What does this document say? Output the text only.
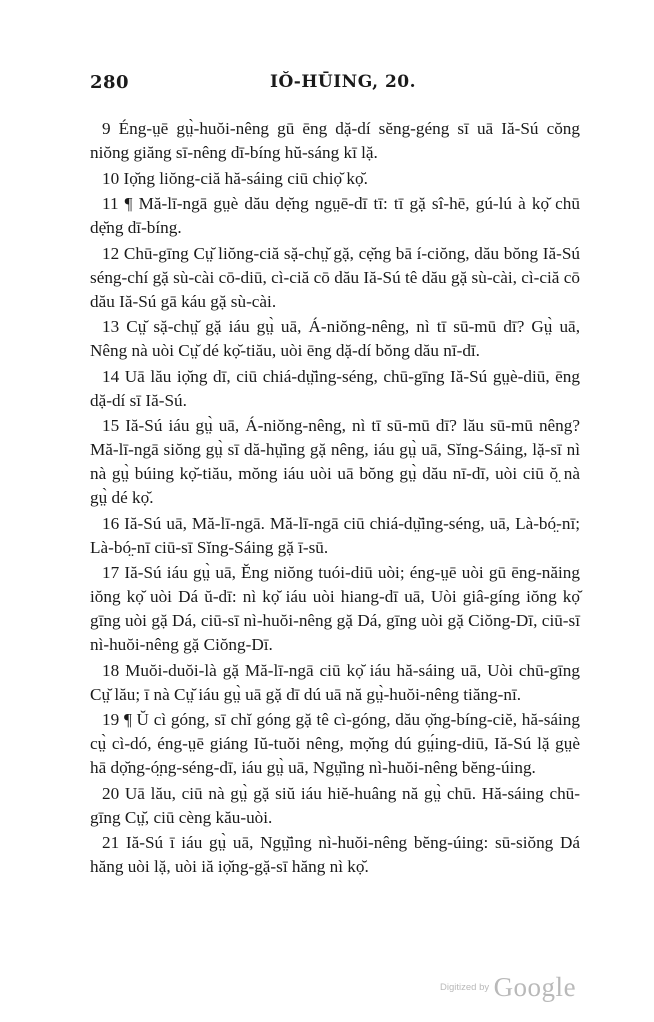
280	IŎ-HŪING, 20.

9 Éng-ṳē gṳ̀-huŏi-nêng gū ēng dặ-dí sĕng-géng sī uā Iă-Sú cŏng niŏng giăng sī-nêng dī-bíng hŭ-sáng kī lặ.

10 Iọ̆ng liŏng-ciă hă-sáing ciū chiọ̆ kọ̆.

11 ¶ Mă-lī-ngā gṳè dău dẹ̆ng ngṳē-dī tī: tī gặ sî-hē, gú-lú à kọ̆ chū dẹ̆ng dī-bíng.

12 Chū-gīng Cṳ̆ liŏng-ciă sặ-chṳ̆ gặ, cẹ̆ng bā í-ciŏng, dău bŏng Iă-Sú séng-chí gặ sù-cài cō-diū, cì-ciă cō dău Iă-Sú tê dău gặ sù-cài, cì-ciă cō dău Iă-Sú gā káu gặ sù-cài.

13 Cṳ̆ sặ-chṳ̆ gặ iáu gṳ̀ uā, Á-niŏng-nêng, nì tī sū-mū dī? Gṳ̀ uā, Nêng nà uòi Cṳ̆ dé kọ̆-tiău, uòi ēng dặ-dí bŏng dău nī-dī.

14 Uā lău iọ̆ng dī, ciū chiá-dṳ̆ing-séng, chū-gīng Iă-Sú gṳè-diū, ēng dặ-dí sī Iă-Sú.

15 Iă-Sú iáu gṳ̀ uā, Á-niŏng-nêng, nì tī sū-mū dī? lău sū-mū nêng? Mă-lī-ngā siŏng gṳ̀ sī dă-hṳ̆ing gặ nêng, iáu gṳ̀ uā, Sĭng-Sáing, lặ-sī nì nà gṳ̀ búing kọ̆-tiău, mŏng iáu uòi uā bŏng gṳ̀ dău nī-dī, uòi ciū ŏ̤ nà gṳ̀ dé kọ̆.

16 Iă-Sú uā, Mă-lī-ngā. Mă-lī-ngā ciū chiá-dṳ̆ing-séng, uā, Là-bó̤-nī; Là-bó̤-nī ciū-sī Sĭng-Sáing gặ ī-sū.

17 Iă-Sú iáu gṳ̀ uā, Ĕng niŏng tuói-diū uòi; éng-ṳē uòi gū ēng-năing iŏng kọ̆ uòi Dá ŭ-dī: nì kọ̆ iáu uòi hiang-dī uā, Uòi giâ-gíng iŏng kọ̆ gīng uòi gặ Dá, ciū-sī nì-huŏi-nêng gặ Dá, gīng uòi gặ Ciŏng-Dī, ciū-sī nì-huŏi-nêng gặ Ciŏng-Dī.

18 Muŏi-duŏi-là gặ Mă-lī-ngā ciū kọ̆ iáu hă-sáing uā, Uòi chū-gīng Cṳ̆ lău; ī nà Cṳ̆ iáu gṳ̀ uā gặ dī dú uā nă gṳ̀-huŏi-nêng tiăng-nī.

19 ¶ Ŭ cì góng, sī chĭ góng gặ tê cì-góng, dău ọ̆ng-bíng-ciĕ, hă-sáing cṳ̀ cì-dó, éng-ṳē giáng Iŭ-tuŏi nêng, mọ̆ng dú gṳ́ing-diū, Iă-Sú lặ gṳè hā dọ̆ng-ó̤ng-séng-dī, iáu gṳ̀ uā, Ngṳ̆ing nì-huŏi-nêng bĕng-úing.

20 Uā lău, ciū nà gṳ̀ gặ siŭ iáu hiĕ-huâng nă gṳ̀ chū. Hă-sáing chū-gīng Cṳ̆, ciū cèng kău-uòi.

21 Iă-Sú ī iáu gṳ̀ uā, Ngṳ̆ing nì-huŏi-nêng bĕng-úing: sū-siŏng Dá hăng uòi lặ, uòi iă iọ̆ng-gặ-sī hăng nì kọ̆.

Digitized by Google
